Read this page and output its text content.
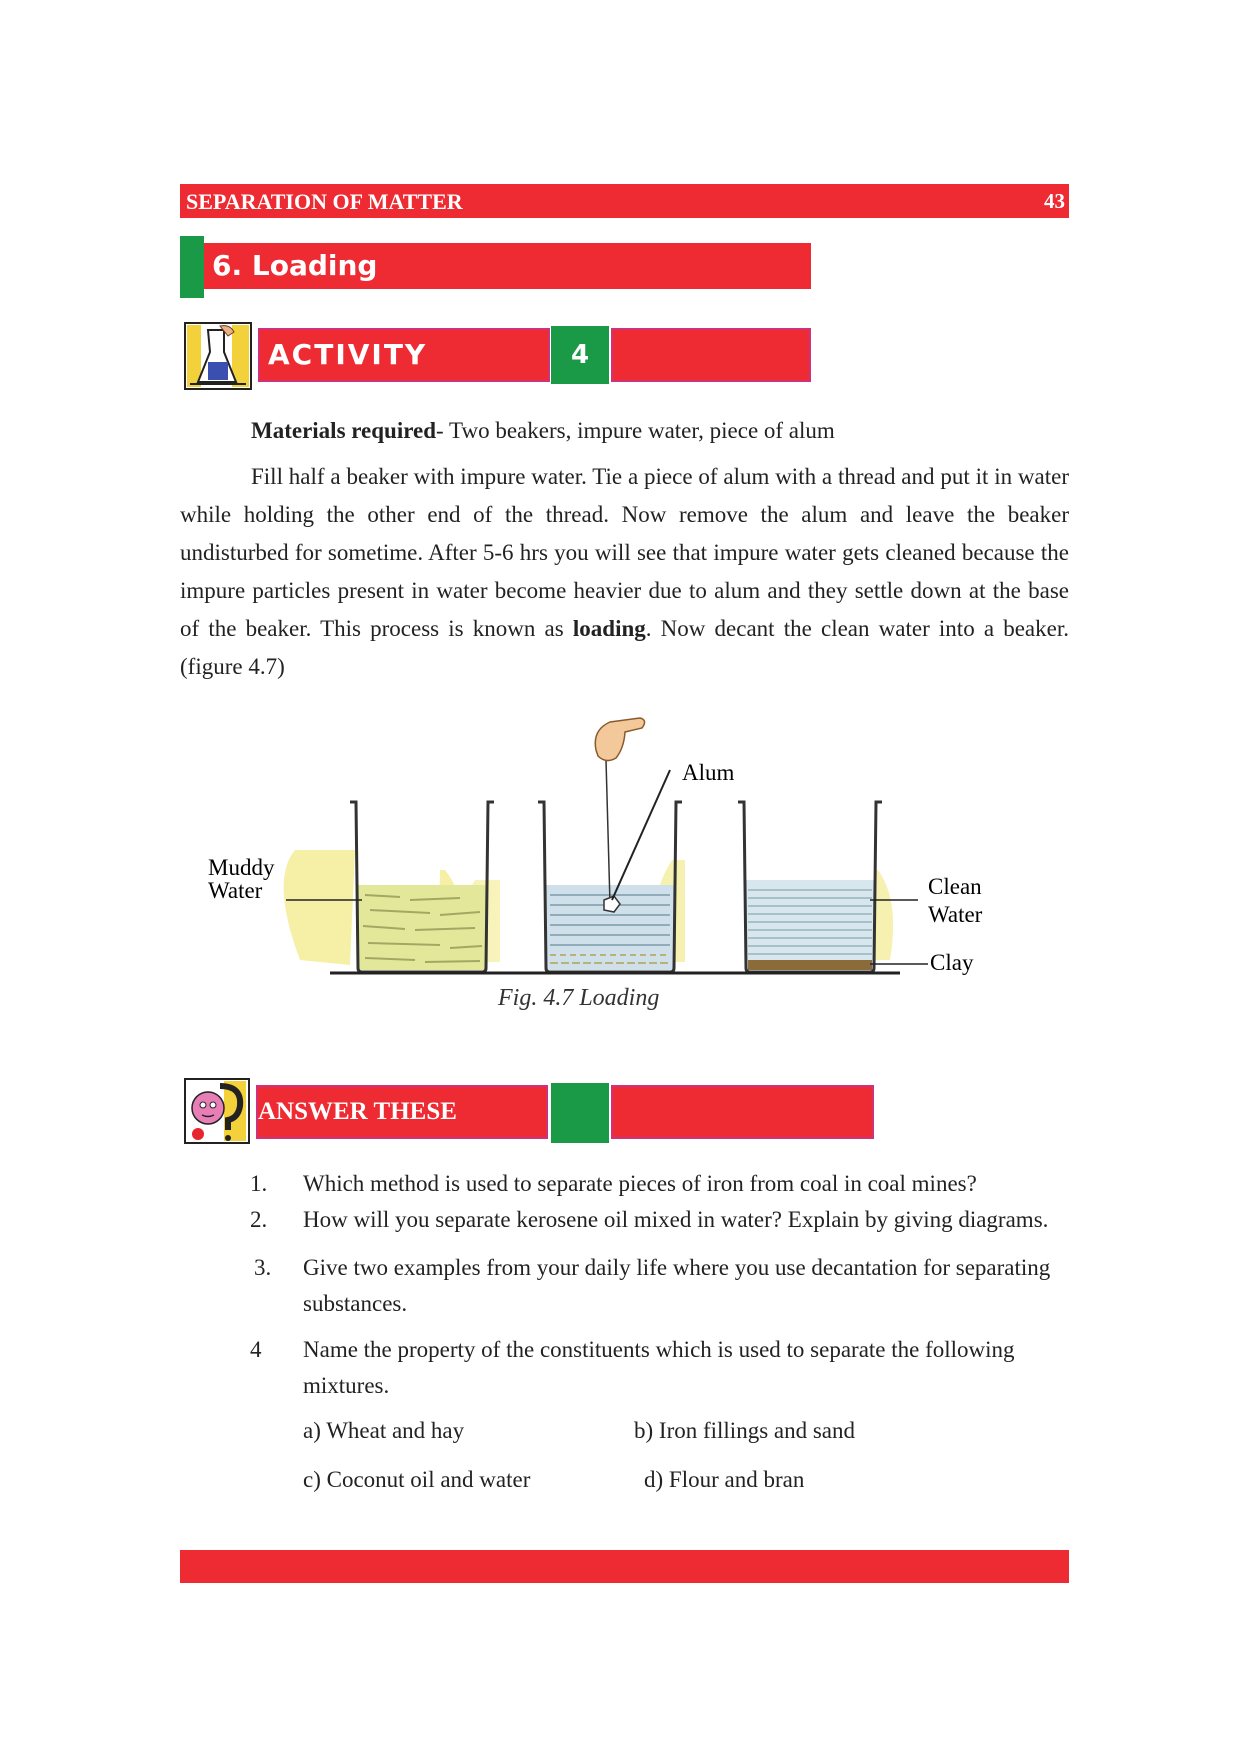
SEPARATION OF MATTER	43
6. Loading
ACTIVITY	4
Materials required- Two beakers, impure water, piece of alum
Fill half a beaker with impure water. Tie a piece of alum with a thread and put it in water while holding the other end of the thread. Now remove the alum and leave the beaker undisturbed for sometime. After 5-6 hrs you will see that impure water gets cleaned because the impure particles present in water become heavier due to alum and they settle down at the base of the beaker. This process is known as loading. Now decant the clean water into a beaker. (figure 4.7)
Muddy
Water
Alum
Clean
Water
Clay
Fig. 4.7 Loading
ANSWER THESE
1.	Which method is used to separate pieces of iron from coal in coal mines?
2.	How will you separate kerosene oil mixed in water? Explain by giving diagrams.
3.	Give two examples from your daily life where you use decantation for separating substances.
4	Name the property of the constituents which is used to separate the following mixtures.
a) Wheat and hay	b) Iron fillings and sand
c) Coconut oil and water	d) Flour and bran
